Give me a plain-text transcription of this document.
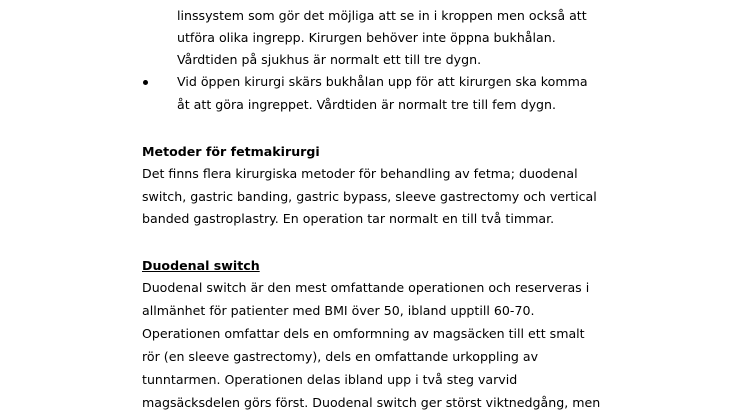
linssystem som gör det möjliga att se in i kroppen men också att
utföra olika ingrepp. Kirurgen behöver inte öppna bukhålan.
Vårdtiden på sjukhus är normalt ett till tre dygn.
Vid öppen kirurgi skärs bukhålan upp för att kirurgen ska komma
åt att göra ingreppet. Vårdtiden är normalt tre till fem dygn.
Metoder för fetmakirurgi
Det finns flera kirurgiska metoder för behandling av fetma; duodenal
switch, gastric banding, gastric bypass, sleeve gastrectomy och vertical
banded gastroplastry. En operation tar normalt en till två timmar.
Duodenal switch
Duodenal switch är den mest omfattande operationen och reserveras i
allmänhet för patienter med BMI över 50, ibland upptill 60-70.
Operationen omfattar dels en omformning av magsäcken till ett smalt
rör (en sleeve gastrectomy), dels en omfattande urkoppling av
tunntarmen. Operationen delas ibland upp i två steg varvid
magsäcksdelen görs först. Duodenal switch ger störst viktnedgång, men
